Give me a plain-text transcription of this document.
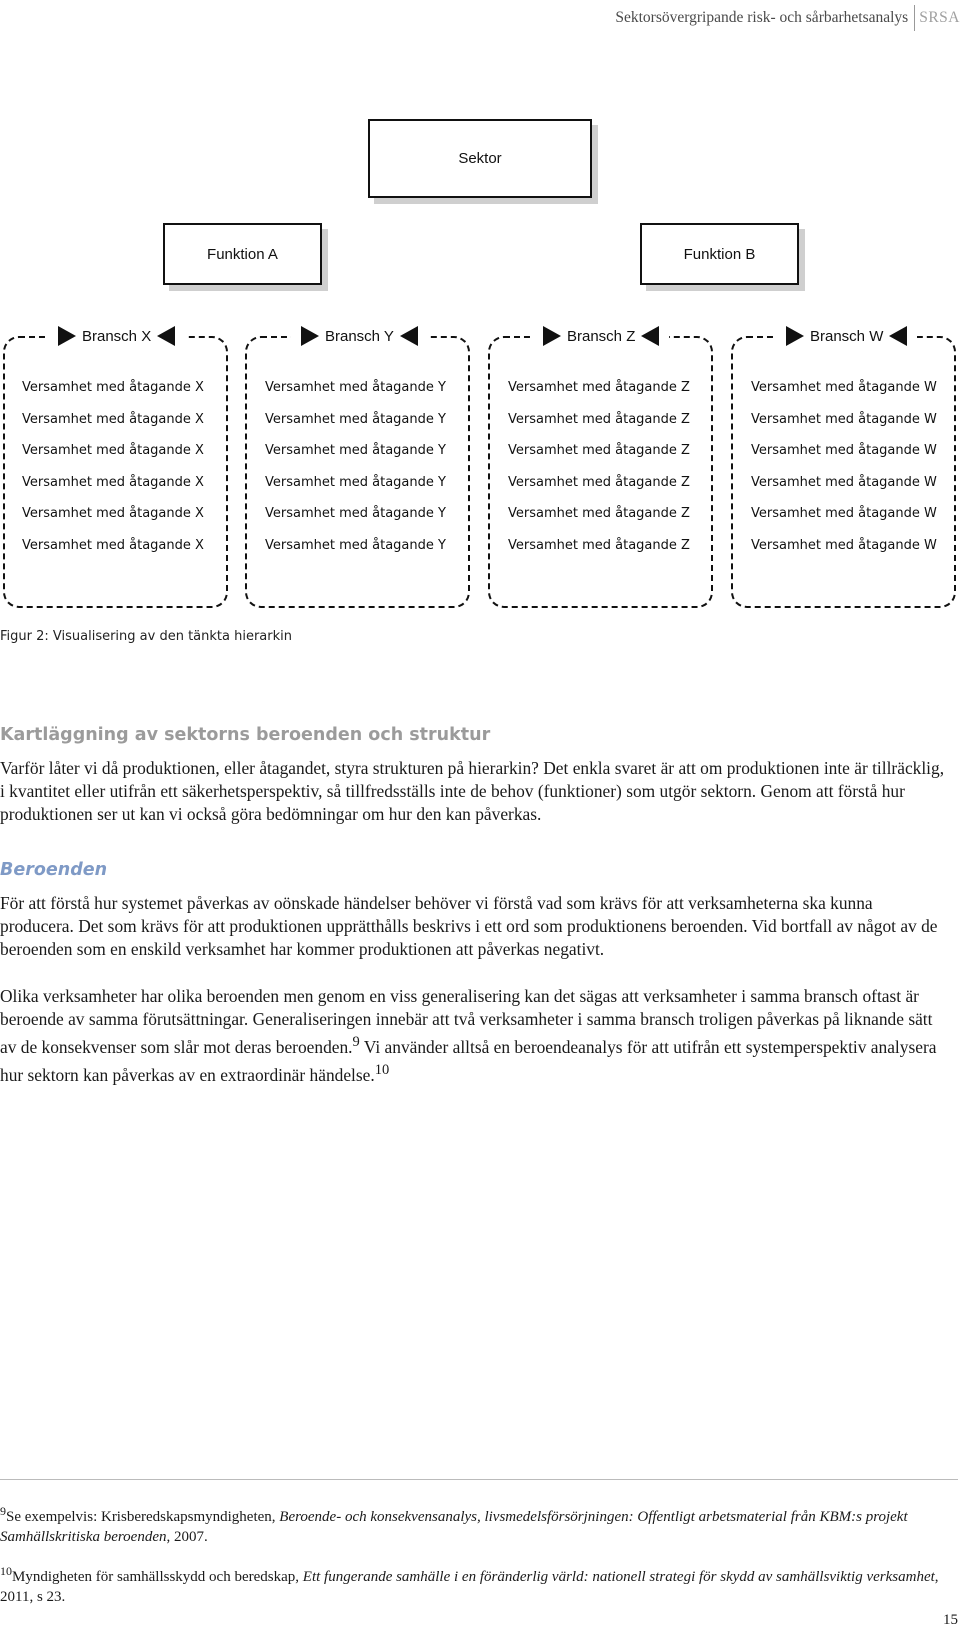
Sektorsövergripande risk- och sårbarhetsanalys SRSA
Sektor
Funktion A	Funktion B
Bransch X
Versamhet med åtagande X
Versamhet med åtagande X
Versamhet med åtagande X
Versamhet med åtagande X
Versamhet med åtagande X
Versamhet med åtagande X
Bransch Y
Versamhet med åtagande Y
Versamhet med åtagande Y
Versamhet med åtagande Y
Versamhet med åtagande Y
Versamhet med åtagande Y
Versamhet med åtagande Y
Bransch Z
Versamhet med åtagande Z
Versamhet med åtagande Z
Versamhet med åtagande Z
Versamhet med åtagande Z
Versamhet med åtagande Z
Versamhet med åtagande Z
Bransch W
Versamhet med åtagande W
Versamhet med åtagande W
Versamhet med åtagande W
Versamhet med åtagande W
Versamhet med åtagande W
Versamhet med åtagande W
Figur 2: Visualisering av den tänkta hierarkin
Kartläggning av sektorns beroenden och struktur

Varför låter vi då produktionen, eller åtagandet, styra strukturen på hierarkin? Det enkla svaret är att om produktionen inte är tillräcklig, i kvantitet eller utifrån ett säkerhetsperspektiv, så tillfredsställs inte de behov (funktioner) som utgör sektorn. Genom att förstå hur produktionen ser ut kan vi också göra bedömningar om hur den kan påverkas.

Beroenden

För att förstå hur systemet påverkas av oönskade händelser behöver vi förstå vad som krävs för att verksamheterna ska kunna producera. Det som krävs för att produktionen upprätthålls beskrivs i ett ord som produktionens beroenden. Vid bortfall av något av de beroenden som en enskild verksamhet har kommer produktionen att påverkas negativt.

Olika verksamheter har olika beroenden men genom en viss generalisering kan det sägas att verksamheter i samma bransch oftast är beroende av samma förutsättningar. Generaliseringen innebär att två verksamheter i samma bransch troligen påverkas på liknande sätt av de konsekvenser som slår mot deras beroenden.$^9$ Vi använder alltså en beroendeanalys för att utifrån ett systemperspektiv analysera hur sektorn kan påverkas av en extraordinär händelse.$^{10}$

$^9$Se exempelvis: Krisberedskapsmyndigheten, Beroende- och konsekvensanalys, livsmedelsförsörjningen: Offentligt arbetsmaterial från KBM:s projekt Samhällskritiska beroenden, 2007.

$^{10}$Myndigheten för samhällsskydd och beredskap, Ett fungerande samhälle i en föränderlig värld: nationell strategi för skydd av samhällsviktig verksamhet, 2011, s 23.

15
